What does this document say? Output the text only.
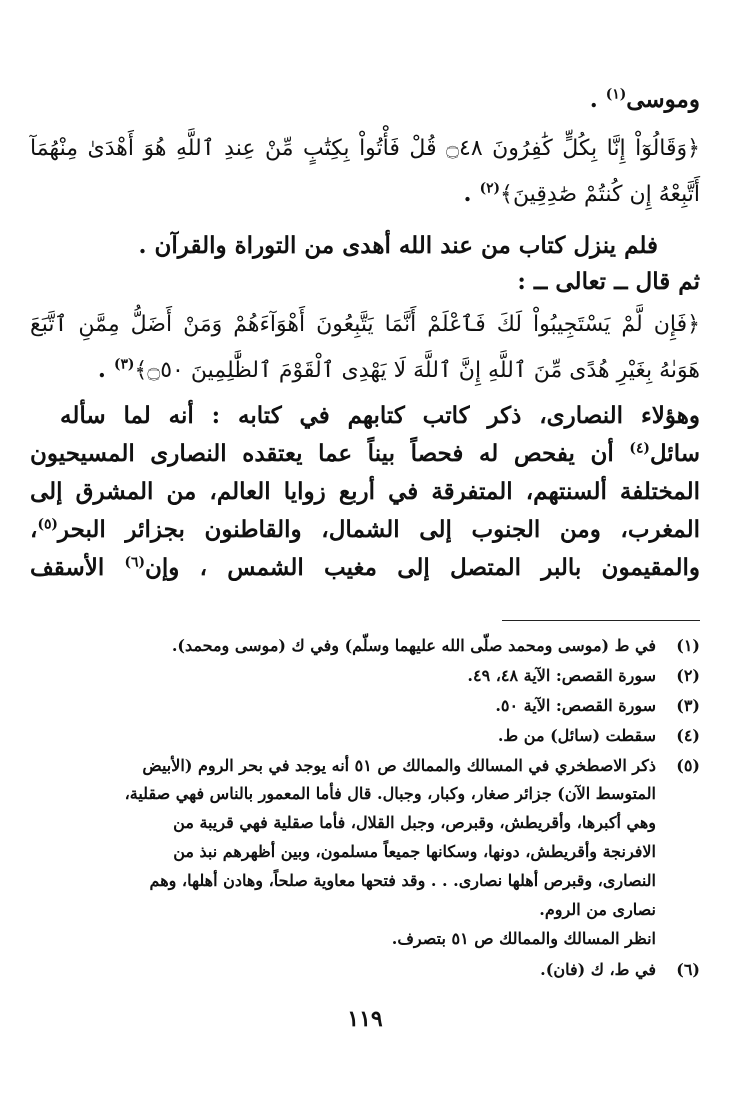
وموسى$^{(١)}$ .
﴿وَقَالُوٓاْ إِنَّا بِكُلٍّ كَٰفِرُونَ ۝٤٨ قُلْ فَأْتُواْ بِكِتَٰبٍ مِّنْ عِندِ ٱللَّهِ هُوَ أَهْدَىٰ مِنْهُمَآ
أَتَّبِعْهُ إِن كُنتُمْ صَٰدِقِينَ﴾$^{(٢)}$ .
فلم ينزل كتاب من عند الله أهدى من التوراة والقرآن .
ثم قال ــ تعالى ــ :
﴿فَإِن لَّمْ يَسْتَجِيبُواْ لَكَ فَٱعْلَمْ أَنَّمَا يَتَّبِعُونَ أَهْوَآءَهُمْ وَمَنْ أَضَلُّ مِمَّنِ ٱتَّبَعَ
هَوَىٰهُ بِغَيْرِ هُدًى مِّنَ ٱللَّهِ إِنَّ ٱللَّهَ لَا يَهْدِى ٱلْقَوْمَ ٱلظَّٰلِمِينَ ۝٥٠﴾$^{(٣)}$ .
وهؤلاء النصارى، ذكر كاتب كتابهم في كتابه : أنه لما سأله
سائل$^{(٤)}$ أن يفحص له فحصاً بيناً عما يعتقده النصارى المسيحيون
المختلفة ألسنتهم، المتفرقة في أربع زوايا العالم، من المشرق إلى
المغرب، ومن الجنوب إلى الشمال، والقاطنون بجزائر البحر$^{(٥)}$،
والمقيمون بالبر المتصل إلى مغيب الشمس ، وإن$^{(٦)}$ الأسقف
(١)
في ط (موسى ومحمد صلّى الله عليهما وسلّم) وفي ك (موسى ومحمد).
(٢)
سورة القصص: الآية ٤٨، ٤٩.
(٣)
سورة القصص: الآية ٥٠.
(٤)
سقطت (سائل) من ط.
(٥)
ذكر الاصطخري في المسالك والممالك ص ٥١ أنه يوجد في بحر الروم (الأبيض
المتوسط الآن) جزائر صغار، وكبار، وجبال. قال فأما المعمور بالناس فهي صقلية،
وهي أكبرها، وأقريطش، وقبرص، وجبل القلال، فأما صقلية فهي قريبة من
الافرنجة وأقريطش، دونها، وسكانها جميعاً مسلمون، وبين أظهرهم نبذ من
النصارى، وقبرص أهلها نصارى. . . وقد فتحها معاوية صلحاً، وهادن أهلها، وهم
نصارى من الروم.
انظر المسالك والممالك ص ٥١ بتصرف.
(٦)
في ط، ك (فان).
١١٩
